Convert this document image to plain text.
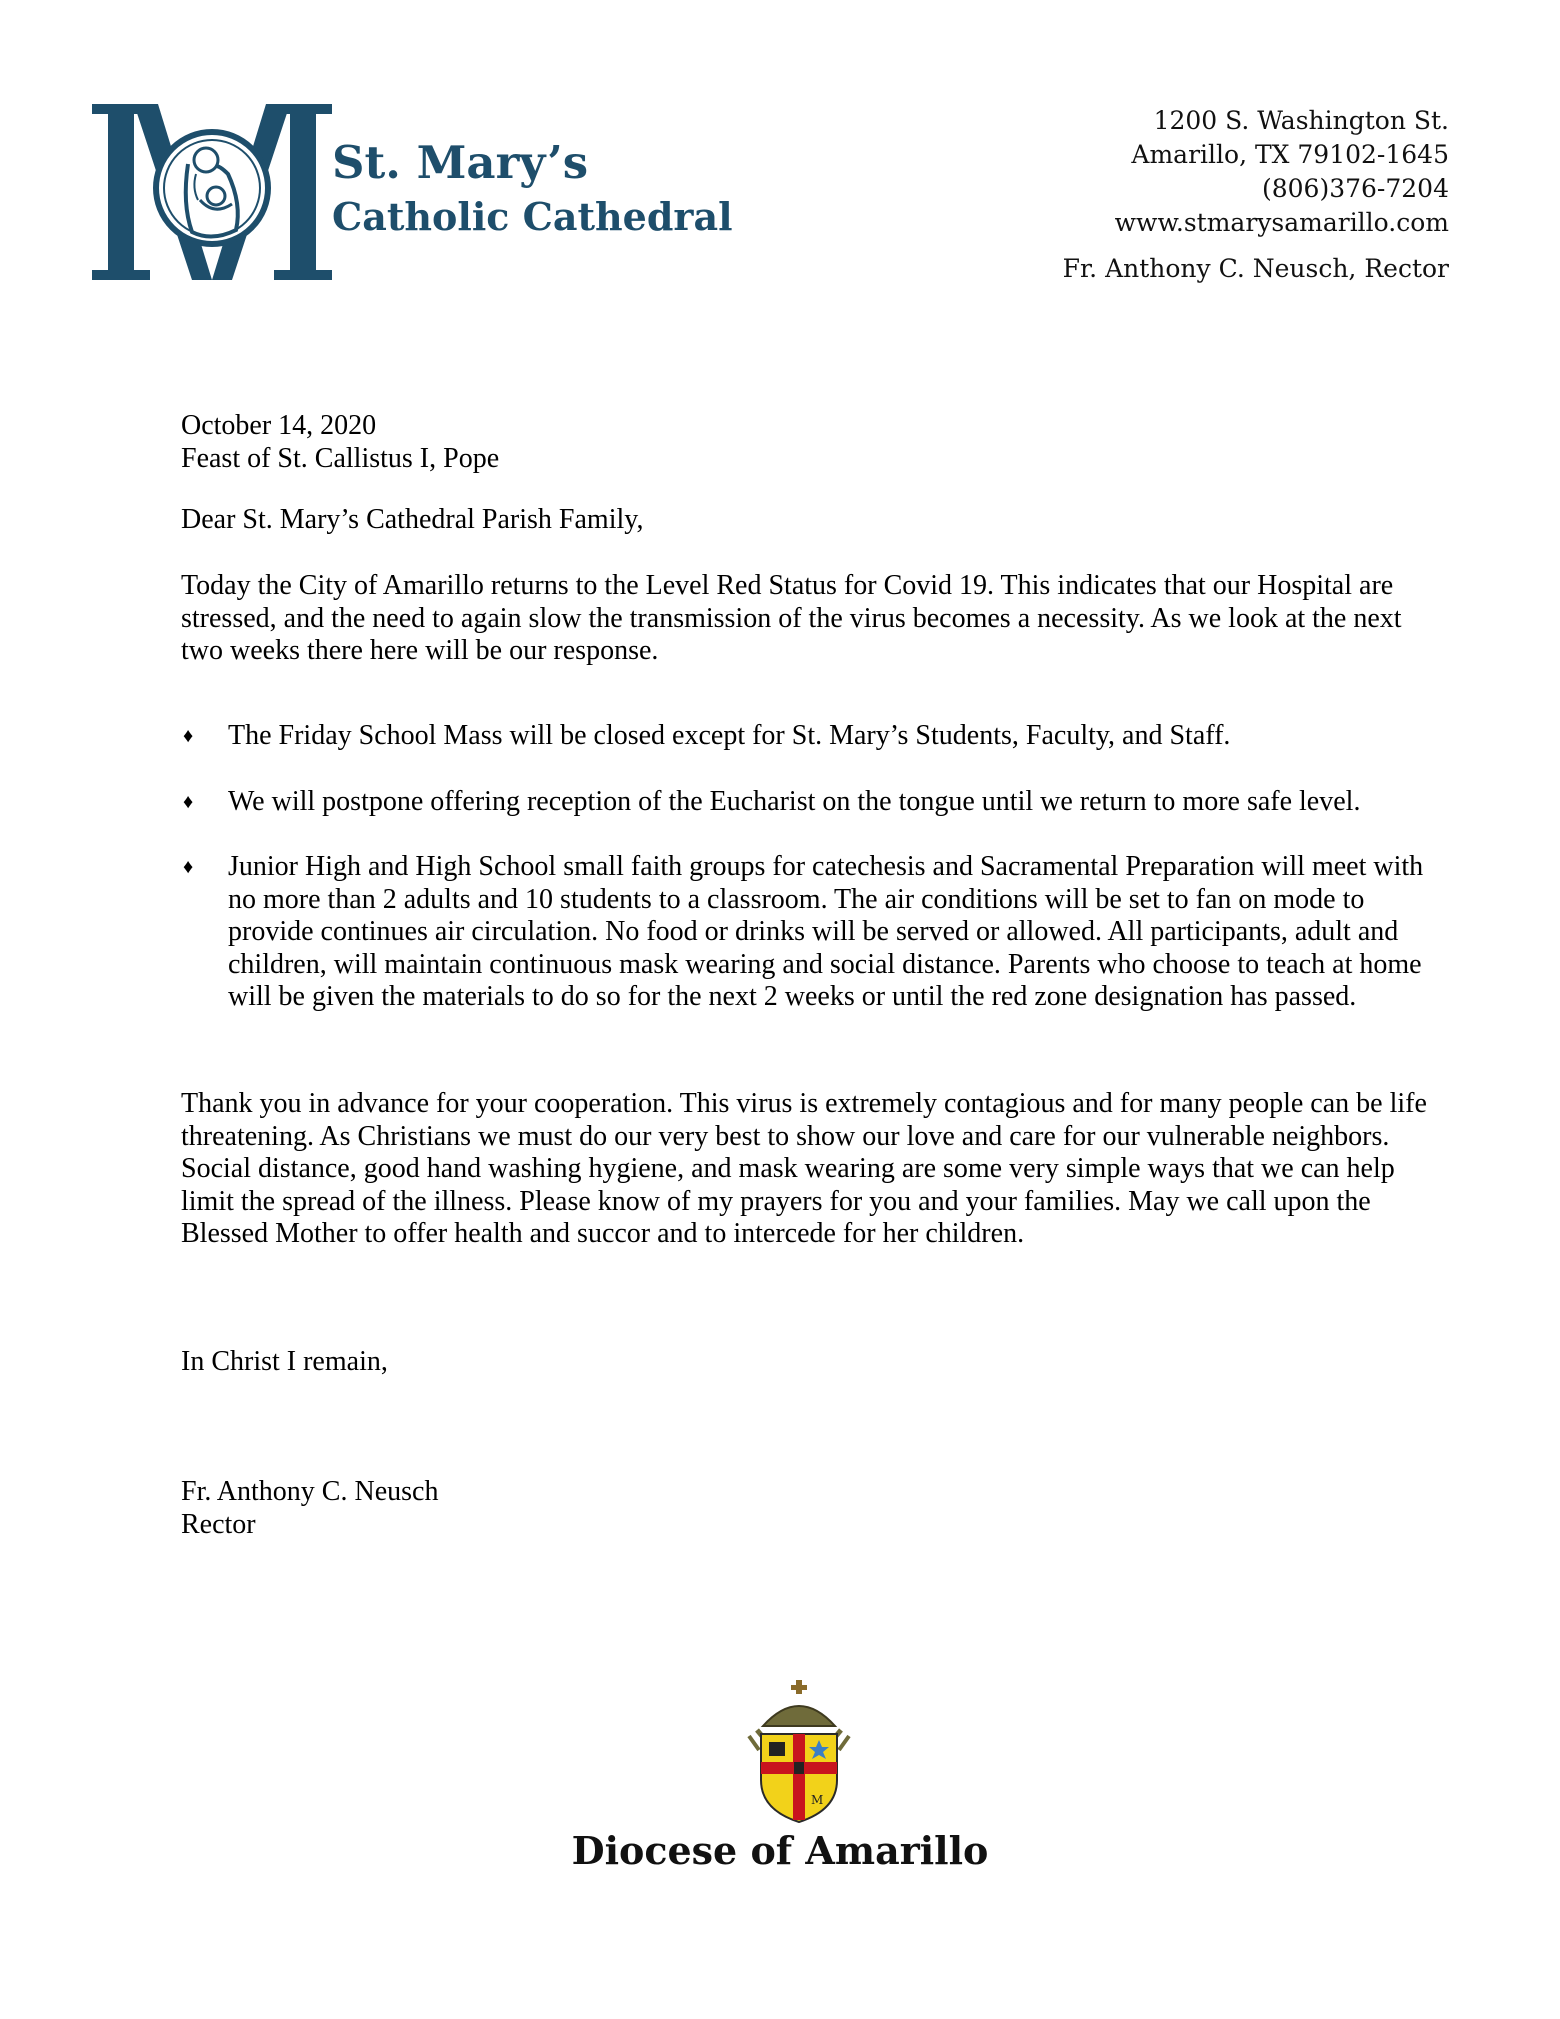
St. Mary’s
Catholic Cathedral
1200 S. Washington St.
Amarillo, TX 79102-1645
(806)376-7204
www.stmarysamarillo.com
Fr. Anthony C. Neusch, Rector

October 14, 2020

Feast of St. Callistus I, Pope

Dear St. Mary’s Cathedral Parish Family,
Today the City of Amarillo returns to the Level Red Status for Covid 19. This indicates that our Hospital are stressed, and the need to again slow the transmission of the virus becomes a necessity. As we look at the next two weeks there here will be our response.
♦ The Friday School Mass will be closed except for St. Mary’s Students, Faculty, and Staff.
♦ We will postpone offering reception of the Eucharist on the tongue until we return to more safe level.
♦ Junior High and High School small faith groups for catechesis and Sacramental Preparation will meet with no more than 2 adults and 10 students to a classroom. The air conditions will be set to fan on mode to provide continues air circulation. No food or drinks will be served or allowed. All participants, adult and children, will maintain continuous mask wearing and social distance. Parents who choose to teach at home will be given the materials to do so for the next 2 weeks or until the red zone designation has passed.
Thank you in advance for your cooperation. This virus is extremely contagious and for many people can be life threatening. As Christians we must do our very best to show our love and care for our vulnerable neighbors. Social distance, good hand washing hygiene, and mask wearing are some very simple ways that we can help limit the spread of the illness. Please know of my prayers for you and your families. May we call upon the Blessed Mother to offer health and succor and to intercede for her children.
In Christ I remain,

Fr. Anthony C. Neusch

Rector

M
Diocese of Amarillo
